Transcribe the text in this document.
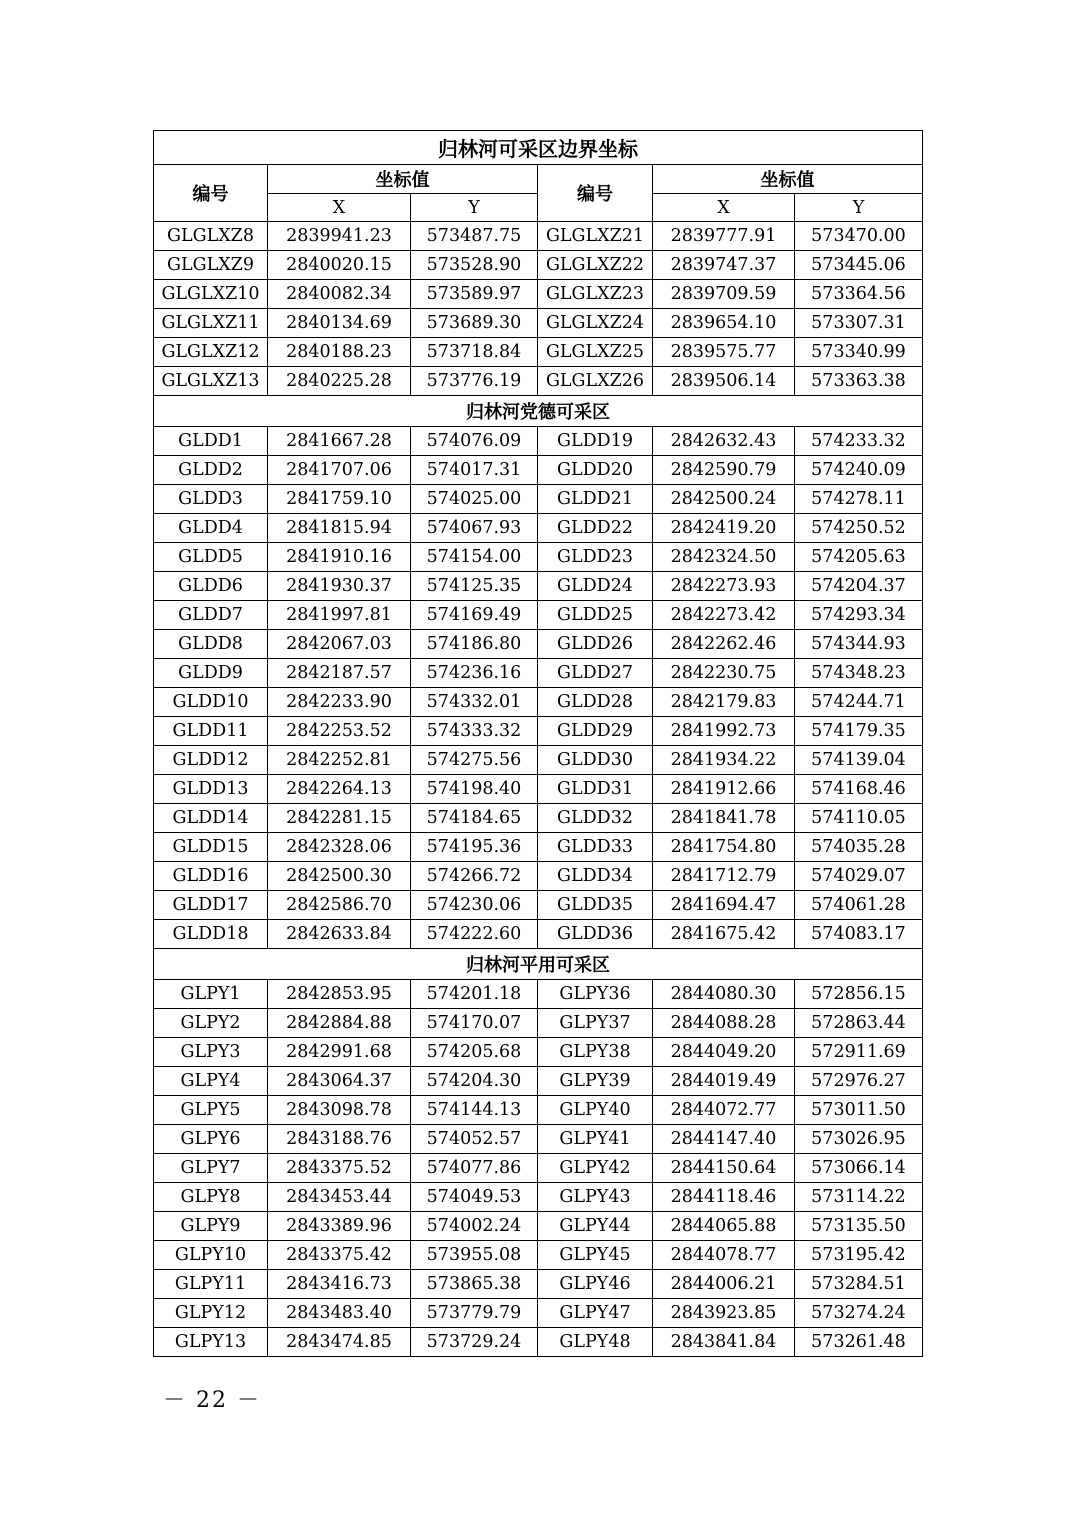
归林河可采区边界坐标					
编号	坐标值		编号	坐标值	
	X	Y		X	Y
GLGLXZ8	2839941.23	573487.75	GLGLXZ21	2839777.91	573470.00
GLGLXZ9	2840020.15	573528.90	GLGLXZ22	2839747.37	573445.06
GLGLXZ10	2840082.34	573589.97	GLGLXZ23	2839709.59	573364.56
GLGLXZ11	2840134.69	573689.30	GLGLXZ24	2839654.10	573307.31
GLGLXZ12	2840188.23	573718.84	GLGLXZ25	2839575.77	573340.99
GLGLXZ13	2840225.28	573776.19	GLGLXZ26	2839506.14	573363.38
归林河党德可采区					
GLDD1	2841667.28	574076.09	GLDD19	2842632.43	574233.32
GLDD2	2841707.06	574017.31	GLDD20	2842590.79	574240.09
GLDD3	2841759.10	574025.00	GLDD21	2842500.24	574278.11
GLDD4	2841815.94	574067.93	GLDD22	2842419.20	574250.52
GLDD5	2841910.16	574154.00	GLDD23	2842324.50	574205.63
GLDD6	2841930.37	574125.35	GLDD24	2842273.93	574204.37
GLDD7	2841997.81	574169.49	GLDD25	2842273.42	574293.34
GLDD8	2842067.03	574186.80	GLDD26	2842262.46	574344.93
GLDD9	2842187.57	574236.16	GLDD27	2842230.75	574348.23
GLDD10	2842233.90	574332.01	GLDD28	2842179.83	574244.71
GLDD11	2842253.52	574333.32	GLDD29	2841992.73	574179.35
GLDD12	2842252.81	574275.56	GLDD30	2841934.22	574139.04
GLDD13	2842264.13	574198.40	GLDD31	2841912.66	574168.46
GLDD14	2842281.15	574184.65	GLDD32	2841841.78	574110.05
GLDD15	2842328.06	574195.36	GLDD33	2841754.80	574035.28
GLDD16	2842500.30	574266.72	GLDD34	2841712.79	574029.07
GLDD17	2842586.70	574230.06	GLDD35	2841694.47	574061.28
GLDD18	2842633.84	574222.60	GLDD36	2841675.42	574083.17
归林河平用可采区					
GLPY1	2842853.95	574201.18	GLPY36	2844080.30	572856.15
GLPY2	2842884.88	574170.07	GLPY37	2844088.28	572863.44
GLPY3	2842991.68	574205.68	GLPY38	2844049.20	572911.69
GLPY4	2843064.37	574204.30	GLPY39	2844019.49	572976.27
GLPY5	2843098.78	574144.13	GLPY40	2844072.77	573011.50
GLPY6	2843188.76	574052.57	GLPY41	2844147.40	573026.95
GLPY7	2843375.52	574077.86	GLPY42	2844150.64	573066.14
GLPY8	2843453.44	574049.53	GLPY43	2844118.46	573114.22
GLPY9	2843389.96	574002.24	GLPY44	2844065.88	573135.50
GLPY10	2843375.42	573955.08	GLPY45	2844078.77	573195.42
GLPY11	2843416.73	573865.38	GLPY46	2844006.21	573284.51
GLPY12	2843483.40	573779.79	GLPY47	2843923.85	573274.24
GLPY13	2843474.85	573729.24	GLPY48	2843841.84	573261.48
－ 22 －
